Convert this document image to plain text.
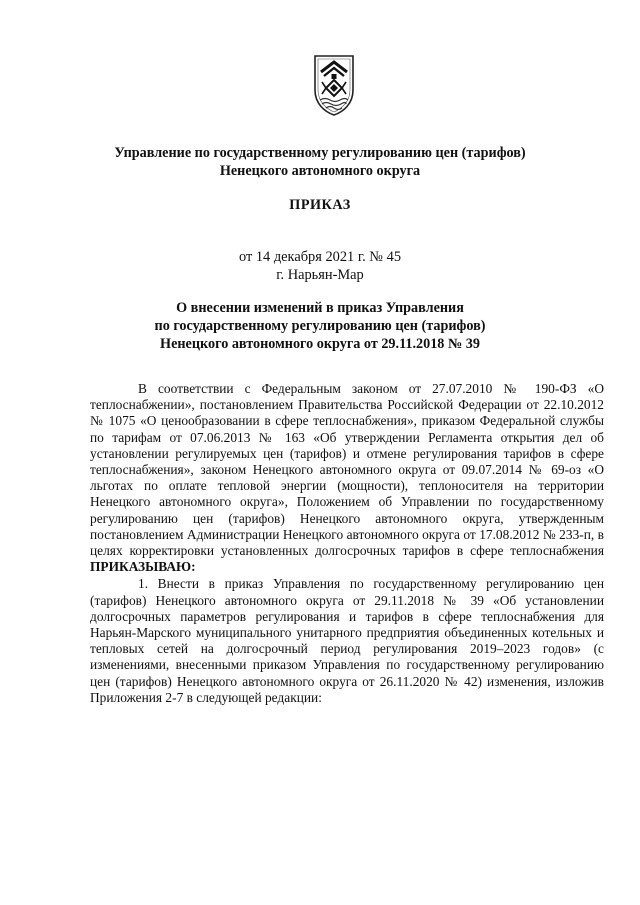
Управление по государственному регулированию цен (тарифов)
Ненецкого автономного округа
ПРИКАЗ
от 14 декабря 2021 г. № 45
г. Нарьян-Мар
О внесении изменений в приказ Управления
по государственному регулированию цен (тарифов)
Ненецкого автономного округа от 29.11.2018 № 39

В соответствии с Федеральным законом от 27.07.2010 № 190-ФЗ «О теплоснабжении», постановлением Правительства Российской Федерации от 22.10.2012 № 1075 «О ценообразовании в сфере теплоснабжения», приказом Федеральной службы по тарифам от 07.06.2013 № 163 «Об утверждении Регламента открытия дел об установлении регулируемых цен (тарифов) и отмене регулирования тарифов в сфере теплоснабжения», законом Ненецкого автономного округа от 09.07.2014 № 69-оз «О льготах по оплате тепловой энергии (мощности), теплоносителя на территории Ненецкого автономного округа», Положением об Управлении по государственному регулированию цен (тарифов) Ненецкого автономного округа, утвержденным постановлением Администрации Ненецкого автономного округа от 17.08.2012 № 233-п, в целях корректировки установленных долгосрочных тарифов в сфере теплоснабжения ПРИКАЗЫВАЮ:

1. Внести в приказ Управления по государственному регулированию цен (тарифов) Ненецкого автономного округа от 29.11.2018 № 39 «Об установлении долгосрочных параметров регулирования и тарифов в сфере теплоснабжения для Нарьян-Марского муниципального унитарного предприятия объединенных котельных и тепловых сетей на долгосрочный период регулирования 2019–2023 годов» (с изменениями, внесенными приказом Управления по государственному регулированию цен (тарифов) Ненецкого автономного округа от 26.11.2020 № 42) изменения, изложив Приложения 2-7 в следующей редакции:
